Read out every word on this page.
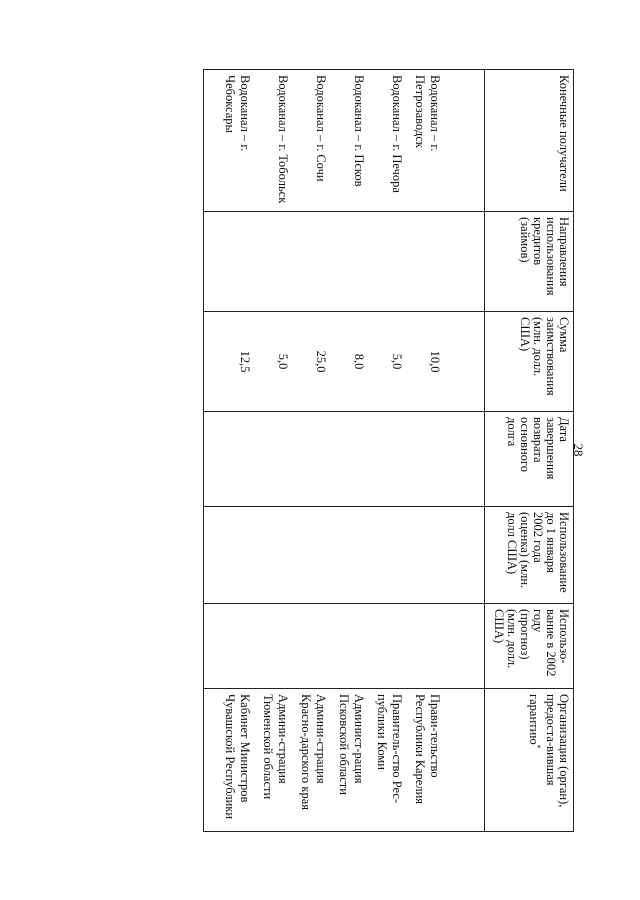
28
Конечные получатели	Направления использования кредитов (займов)	Сумма заимствования (млн. долл. США)	Дата завершения возврата основного долга	Использование до 1 января 2002 года (оценка) (млн. долл США)	Использо-вание в 2002 году (прогноз) (млн. долл. США)	Организация (орган), предоста-вившая гарантию*

Водоканал – г. Петрозаводск		10,0				Прави-тельство Республики Карелия
Водоканал – г. Печора		5,0				Правитель-ство Рес-публики Коми
Водоканал – г. Псков		8,0				Админист-рация Псковской области
Водоканал – г. Сочи		25,0				Админи-страция Красно-дарского края
Водоканал – г. Тобольск		5,0				Админи-страция Тюменской области
Водоканал – г. Чебоксары		12,5				Кабинет Министров Чувашской Республики
